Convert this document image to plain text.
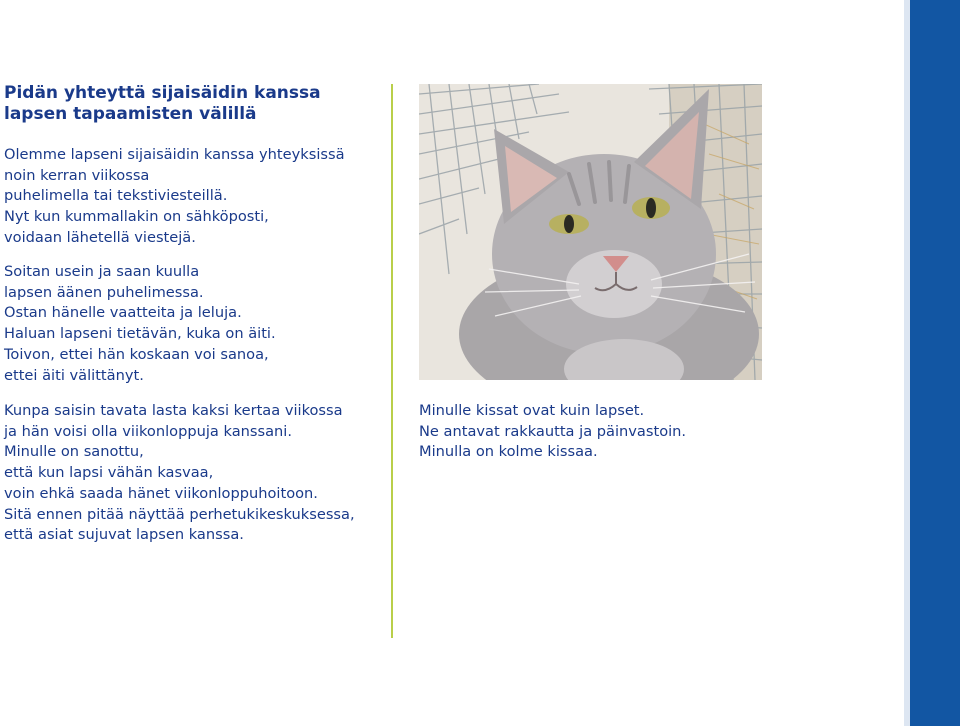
Pidän yhteyttä sijaisäidin kanssa
lapsen tapaamisten välillä

Olemme lapseni sijaisäidin kanssa yhteyksissä
noin kerran viikossa
puhelimella tai tekstiviesteillä.
Nyt kun kummallakin on sähköposti,
voidaan lähetellä viestejä.

Soitan usein ja saan kuulla
lapsen äänen puhelimessa.
Ostan hänelle vaatteita ja leluja.
Haluan lapseni tietävän, kuka on äiti.
Toivon, ettei hän koskaan voi sanoa,
ettei äiti välittänyt.

Kunpa saisin tavata lasta kaksi kertaa viikossa
ja hän voisi olla viikonloppuja kanssani.
Minulle on sanottu,
että kun lapsi vähän kasvaa,
voin ehkä saada hänet viikonloppuhoitoon.
Sitä ennen pitää näyttää perhetukikeskuksessa,
että asiat sujuvat lapsen kanssa.

Minulle kissat ovat kuin lapset.
Ne antavat rakkautta ja päinvastoin.
Minulla on kolme kissaa.
